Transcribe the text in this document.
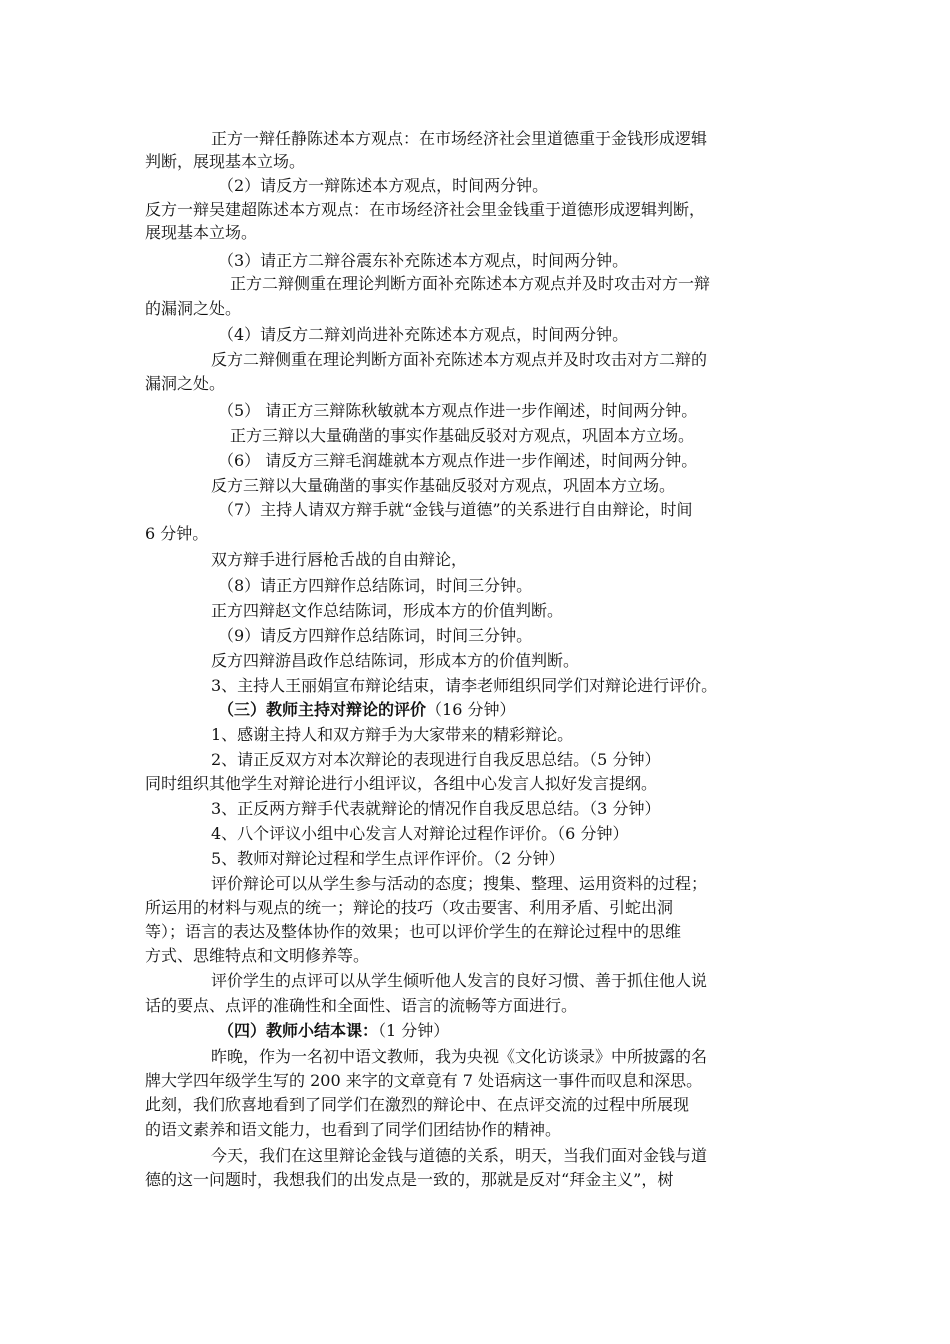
正方一辩任静陈述本方观点：在市场经济社会里道德重于金钱形成逻辑
判断，展现基本立场。
（2）请反方一辩陈述本方观点，时间两分钟。
反方一辩吴建超陈述本方观点：在市场经济社会里金钱重于道德形成逻辑判断，
展现基本立场。
（3）请正方二辩谷震东补充陈述本方观点，时间两分钟。
正方二辩侧重在理论判断方面补充陈述本方观点并及时攻击对方一辩
的漏洞之处。
（4）请反方二辩刘尚进补充陈述本方观点，时间两分钟。
反方二辩侧重在理论判断方面补充陈述本方观点并及时攻击对方二辩的
漏洞之处。
（5） 请正方三辩陈秋敏就本方观点作进一步作阐述，时间两分钟。
正方三辩以大量确凿的事实作基础反驳对方观点，巩固本方立场。
（6） 请反方三辩毛润雄就本方观点作进一步作阐述，时间两分钟。
反方三辩以大量确凿的事实作基础反驳对方观点，巩固本方立场。
（7）主持人请双方辩手就“金钱与道德”的关系进行自由辩论，时间
6 分钟。
双方辩手进行唇枪舌战的自由辩论，
（8）请正方四辩作总结陈词，时间三分钟。
正方四辩赵文作总结陈词，形成本方的价值判断。
（9）请反方四辩作总结陈词，时间三分钟。
反方四辩游昌政作总结陈词，形成本方的价值判断。
3、主持人王丽娟宣布辩论结束，请李老师组织同学们对辩论进行评价。
（三）教师主持对辩论的评价（16 分钟）
1、感谢主持人和双方辩手为大家带来的精彩辩论。
2、请正反双方对本次辩论的表现进行自我反思总结。（5 分钟）
同时组织其他学生对辩论进行小组评议，各组中心发言人拟好发言提纲。
3、正反两方辩手代表就辩论的情况作自我反思总结。（3 分钟）
4、八个评议小组中心发言人对辩论过程作评价。（6 分钟）
5、教师对辩论过程和学生点评作评价。（2 分钟）
评价辩论可以从学生参与活动的态度；搜集、整理、运用资料的过程；
所运用的材料与观点的统一；辩论的技巧（攻击要害、利用矛盾、引蛇出洞
等）；语言的表达及整体协作的效果；也可以评价学生的在辩论过程中的思维
方式、思维特点和文明修养等。
评价学生的点评可以从学生倾听他人发言的良好习惯、善于抓住他人说
话的要点、点评的准确性和全面性、语言的流畅等方面进行。
（四）教师小结本课：（1 分钟）
昨晚，作为一名初中语文教师，我为央视《文化访谈录》中所披露的名
牌大学四年级学生写的 200 来字的文章竟有 7 处语病这一事件而叹息和深思。
此刻，我们欣喜地看到了同学们在激烈的辩论中、在点评交流的过程中所展现
的语文素养和语文能力，也看到了同学们团结协作的精神。
今天，我们在这里辩论金钱与道德的关系，明天，当我们面对金钱与道
德的这一问题时，我想我们的出发点是一致的，那就是反对“拜金主义”，树
